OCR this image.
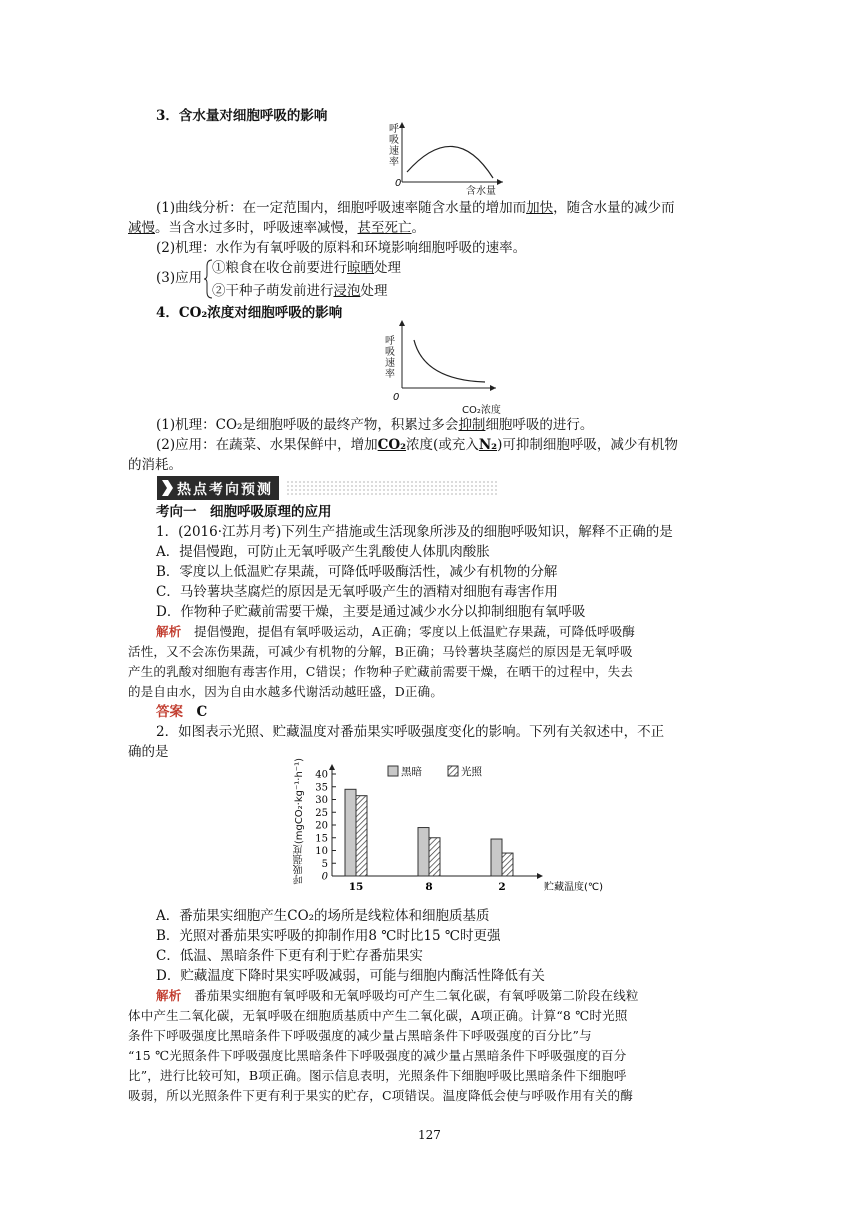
3．含水量对细胞呼吸的影响
呼吸速率
0
含水量
(1)曲线分析：在一定范围内，细胞呼吸速率随含水量的增加而加快，随含水量的减少而
减慢。当含水过多时，呼吸速率减慢，甚至死亡。
(2)机理：水作为有氧呼吸的原料和环境影响细胞呼吸的速率。
(3)应用
①粮食在收仓前要进行晾晒处理
②干种子萌发前进行浸泡处理
4．CO₂浓度对细胞呼吸的影响
呼吸速率
0
CO₂浓度
(1)机理：CO₂是细胞呼吸的最终产物，积累过多会抑制细胞呼吸的进行。
(2)应用：在蔬菜、水果保鲜中，增加CO₂浓度(或充入N₂)可抑制细胞呼吸，减少有机物
的消耗。
热点考向预测
考向一　细胞呼吸原理的应用
1．(2016·江苏月考)下列生产措施或生活现象所涉及的细胞呼吸知识，解释不正确的是
A．提倡慢跑，可防止无氧呼吸产生乳酸使人体肌肉酸胀
B．零度以上低温贮存果蔬，可降低呼吸酶活性，减少有机物的分解
C．马铃薯块茎腐烂的原因是无氧呼吸产生的酒精对细胞有毒害作用
D．作物种子贮藏前需要干燥，主要是通过减少水分以抑制细胞有氧呼吸
解析　提倡慢跑，提倡有氧呼吸运动，A正确；零度以上低温贮存果蔬，可降低呼吸酶
活性，又不会冻伤果蔬，可减少有机物的分解，B正确；马铃薯块茎腐烂的原因是无氧呼吸
产生的乳酸对细胞有毒害作用，C错误；作物种子贮藏前需要干燥，在晒干的过程中，失去
的是自由水，因为自由水越多代谢活动越旺盛，D正确。
答案　 C
2．如图表示光照、贮藏温度对番茄果实呼吸强度变化的影响。下列有关叙述中，不正
确的是
0
5
10
15
20
25
30
35
40
15	8	2	贮藏温度(℃)
黑暗	光照
呼吸强度(mgCO₂·kg⁻¹·h⁻¹)
A．番茄果实细胞产生CO₂的场所是线粒体和细胞质基质
B．光照对番茄果实呼吸的抑制作用8 ℃时比15 ℃时更强
C．低温、黑暗条件下更有利于贮存番茄果实
D．贮藏温度下降时果实呼吸减弱，可能与细胞内酶活性降低有关
解析　番茄果实细胞有氧呼吸和无氧呼吸均可产生二氧化碳，有氧呼吸第二阶段在线粒
体中产生二氧化碳，无氧呼吸在细胞质基质中产生二氧化碳，A项正确。计算“8 ℃时光照
条件下呼吸强度比黑暗条件下呼吸强度的减少量占黑暗条件下呼吸强度的百分比”与
“15 ℃光照条件下呼吸强度比黑暗条件下呼吸强度的减少量占黑暗条件下呼吸强度的百分
比”，进行比较可知，B项正确。图示信息表明，光照条件下细胞呼吸比黑暗条件下细胞呼
吸弱，所以光照条件下更有利于果实的贮存，C项错误。温度降低会使与呼吸作用有关的酶
127
